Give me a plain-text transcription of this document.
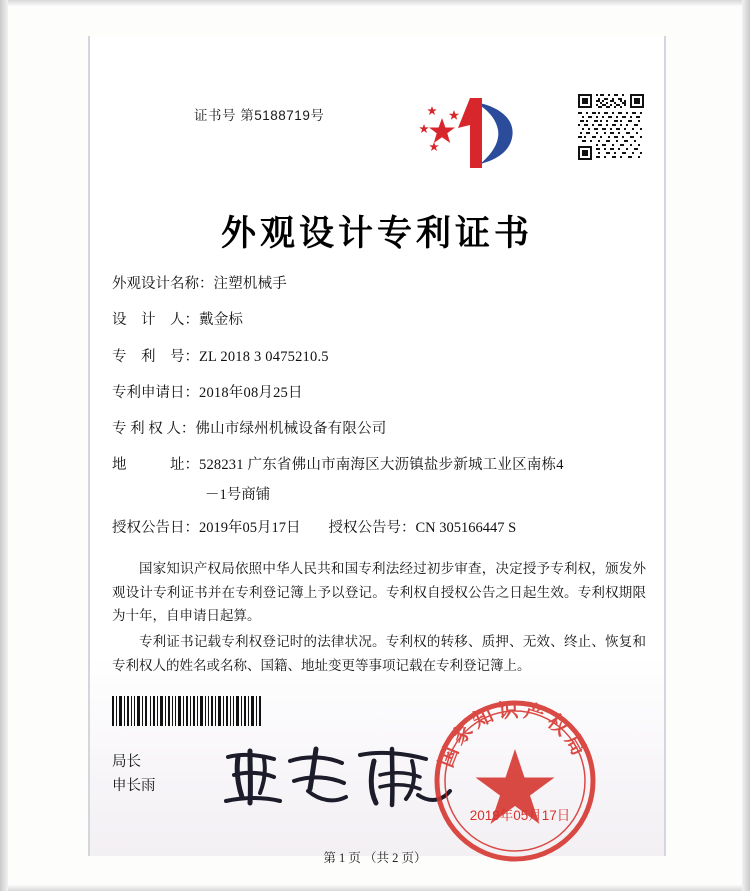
证书号 第5188719号
外观设计专利证书
外观设计名称： 注塑机械手
设　计　人： 戴金标
专　利　号： ZL 2018 3 0475210.5
专利申请日： 2018年08月25日
专 利 权 人： 佛山市绿州机械设备有限公司
地　　　址： 528231 广东省佛山市南海区大沥镇盐步新城工业区南栋4
－1号商铺
授权公告日： 2019年05月17日 授权公告号： CN 305166447 S

国家知识产权局依照中华人民共和国专利法经过初步审查，决定授予专利权，颁发外观设计专利证书并在专利登记簿上予以登记。专利权自授权公告之日起生效。专利权期限为十年，自申请日起算。

专利证书记载专利权登记时的法律状况。专利权的转移、质押、无效、终止、恢复和专利权人的姓名或名称、国籍、地址变更等事项记载在专利登记簿上。

局长
申长雨
国家知识产权局
2019年05月17日
第 1 页 （共 2 页）
